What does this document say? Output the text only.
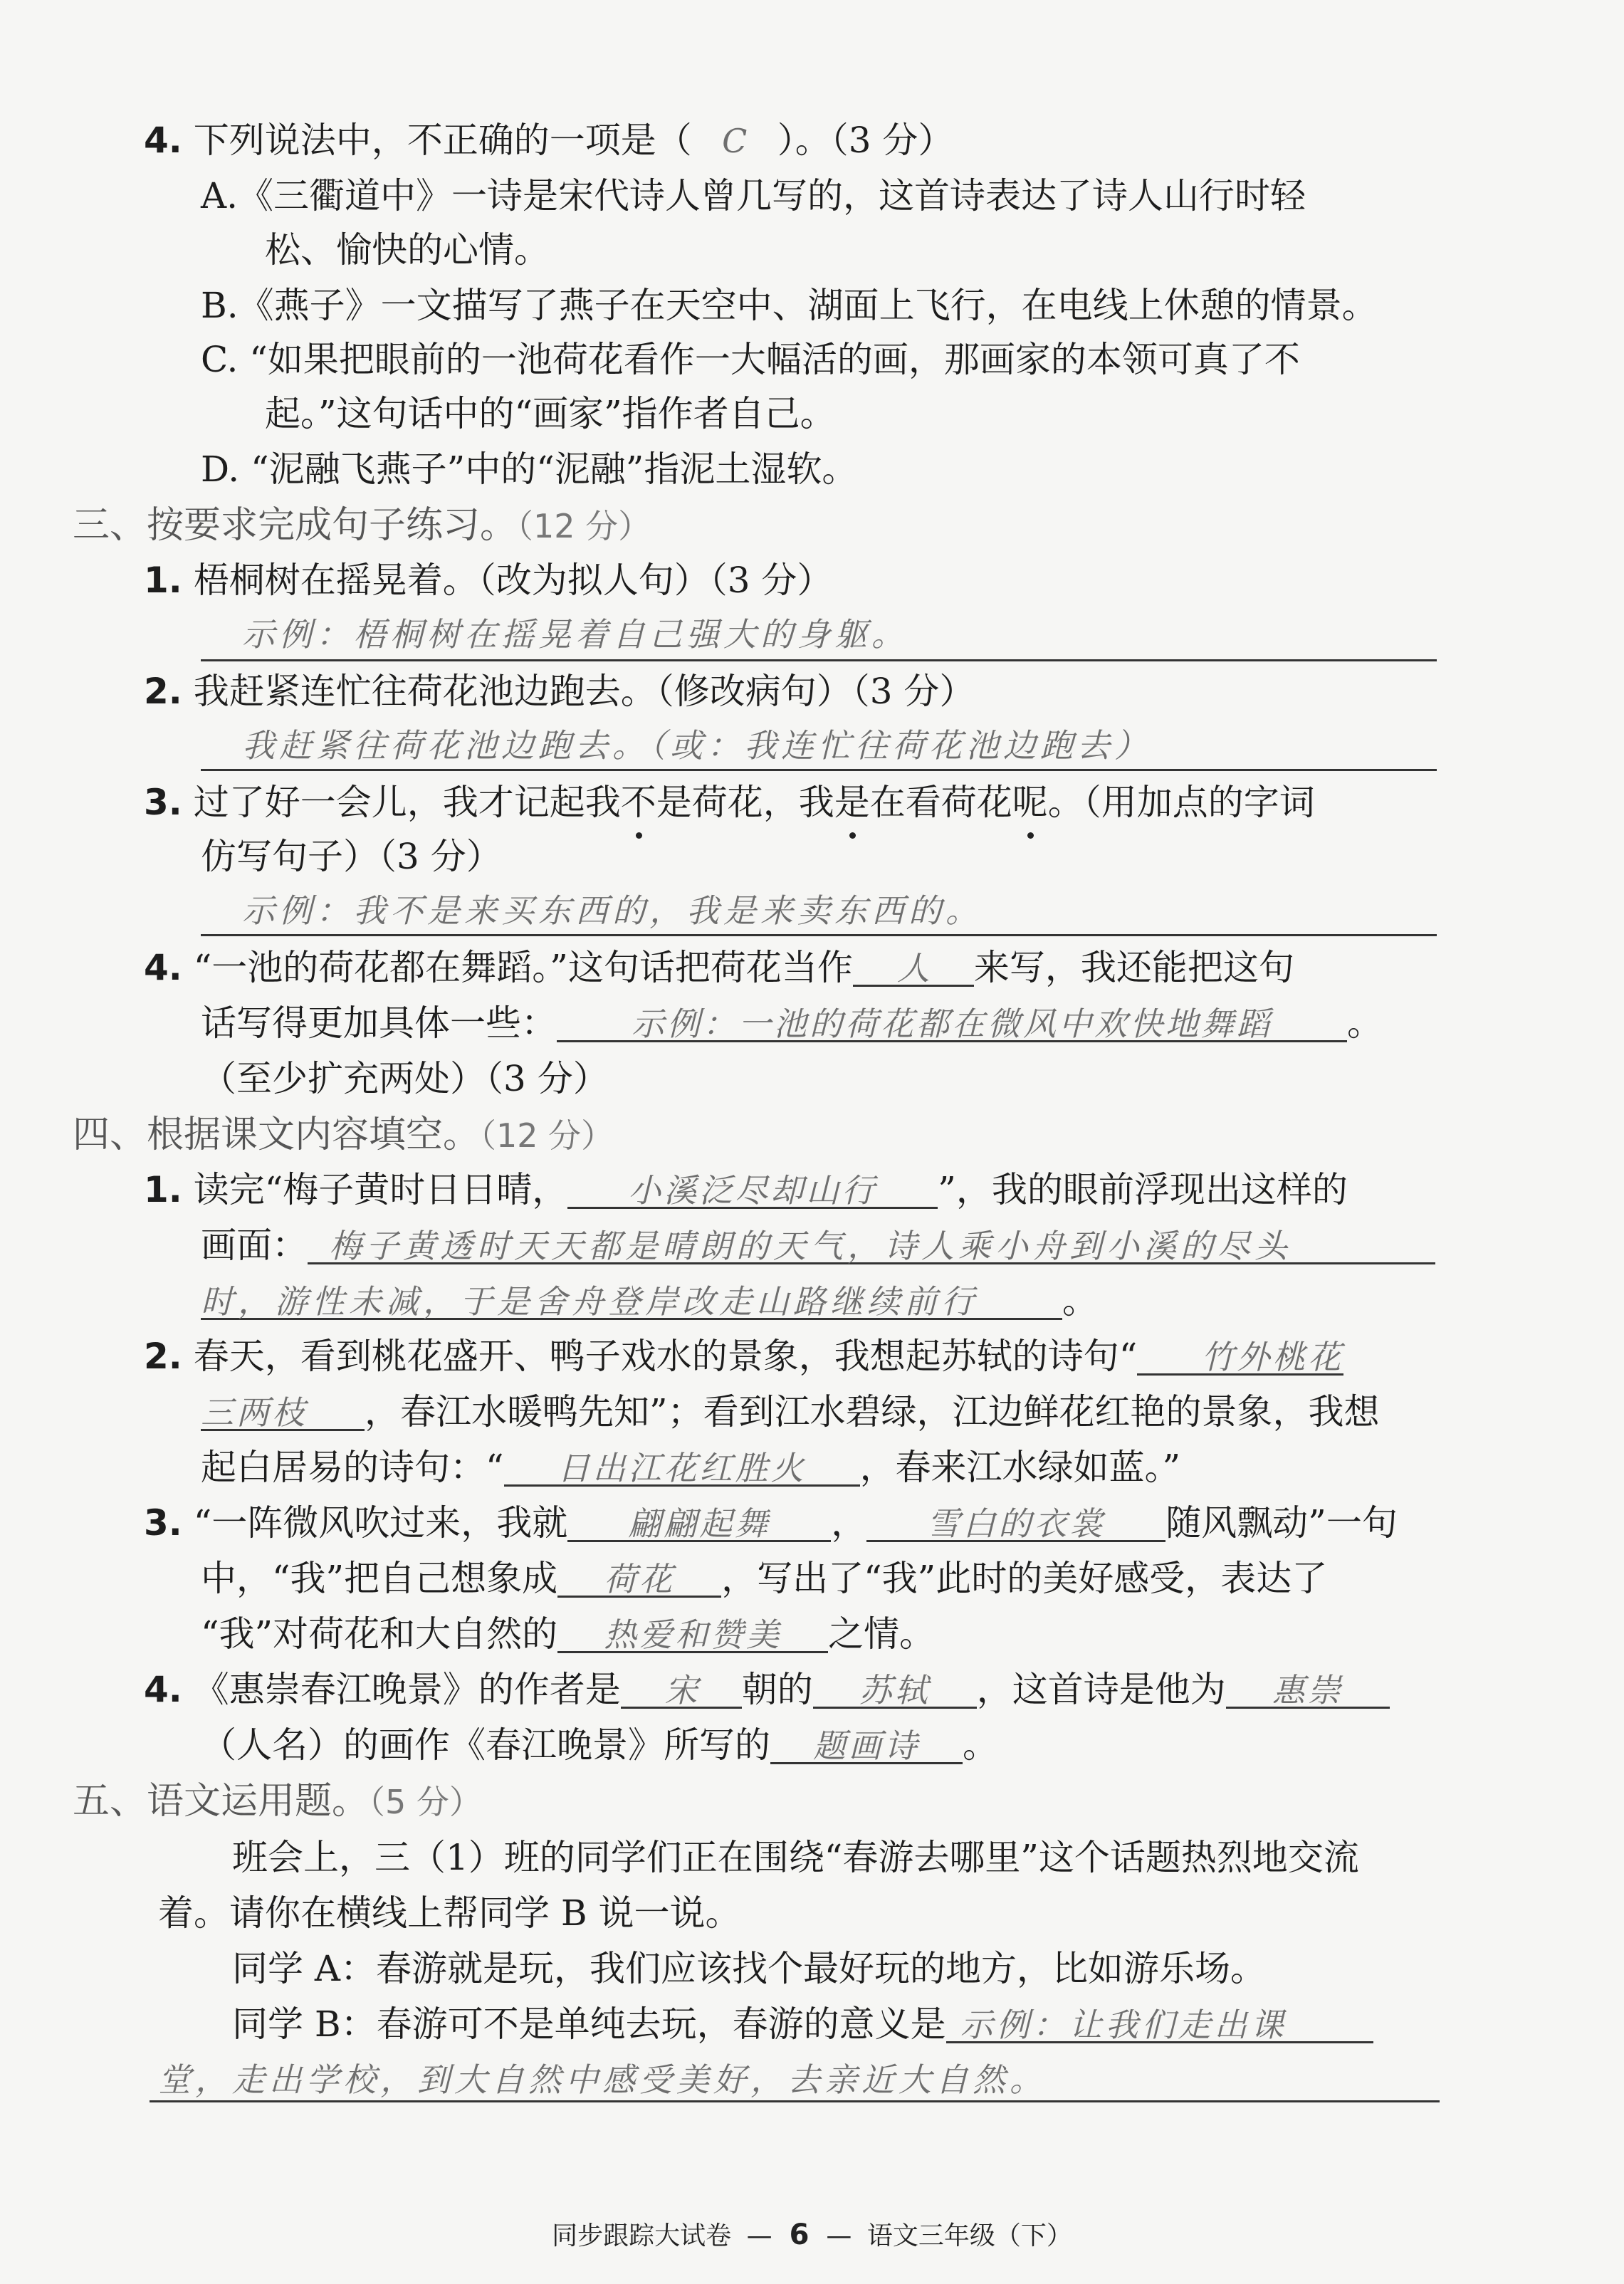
4. 下列说法中，不正确的一项是（ C ）。（3 分）
A.《三衢道中》一诗是宋代诗人曾几写的，这首诗表达了诗人山行时轻
松、愉快的心情。
B.《燕子》一文描写了燕子在天空中、湖面上飞行，在电线上休憩的情景。
C. “如果把眼前的一池荷花看作一大幅活的画，那画家的本领可真了不
起。”这句话中的“画家”指作者自己。
D. “泥融飞燕子”中的“泥融”指泥土湿软。
三、按要求完成句子练习。（12 分）
1. 梧桐树在摇晃着。（改为拟人句）（3 分）
示例：梧桐树在摇晃着自己强大的身躯。
2. 我赶紧连忙往荷花池边跑去。（修改病句）（3 分）
我赶紧往荷花池边跑去。（或：我连忙往荷花池边跑去）
3. 过了好一会儿，我才记起我不是荷花，我是在看荷花呢。（用加点的字词
仿写句子）（3 分）
示例：我不是来买东西的，我是来卖东西的。
4. “一池的荷花都在舞蹈。”这句话把荷花当作 人 来写，我还能把这句
话写得更加具体一些： 示例：一池的荷花都在微风中欢快地舞蹈 。
（至少扩充两处）（3 分）
四、根据课文内容填空。（12 分）
1. 读完“梅子黄时日日晴， 小溪泛尽却山行 ”，我的眼前浮现出这样的
画面： 梅子黄透时天天都是晴朗的天气，诗人乘小舟到小溪的尽头
时，游性未减，于是舍舟登岸改走山路继续前行 。
2. 春天，看到桃花盛开、鸭子戏水的景象，我想起苏轼的诗句“ 竹外桃花
三两枝 ，春江水暖鸭先知”；看到江水碧绿，江边鲜花红艳的景象，我想
起白居易的诗句：“ 日出江花红胜火 ，春来江水绿如蓝。”
3. “一阵微风吹过来，我就 翩翩起舞 ， 雪白的衣裳 随风飘动”一句
中，“我”把自己想象成 荷花 ，写出了“我”此时的美好感受，表达了
“我”对荷花和大自然的 热爱和赞美 之情。
4. 《惠崇春江晚景》的作者是 宋 朝的 苏轼 ，这首诗是他为 惠崇
（人名）的画作《春江晚景》所写的 题画诗 。
五、语文运用题。（5 分）
班会上，三（1）班的同学们正在围绕“春游去哪里”这个话题热烈地交流
着。请你在横线上帮同学 B 说一说。
同学 A：春游就是玩，我们应该找个最好玩的地方，比如游乐场。
同学 B：春游可不是单纯去玩，春游的意义是 示例：让我们走出课
堂，走出学校，到大自然中感受美好，去亲近大自然。
同步跟踪大试卷 — 6 — 语文三年级（下）
